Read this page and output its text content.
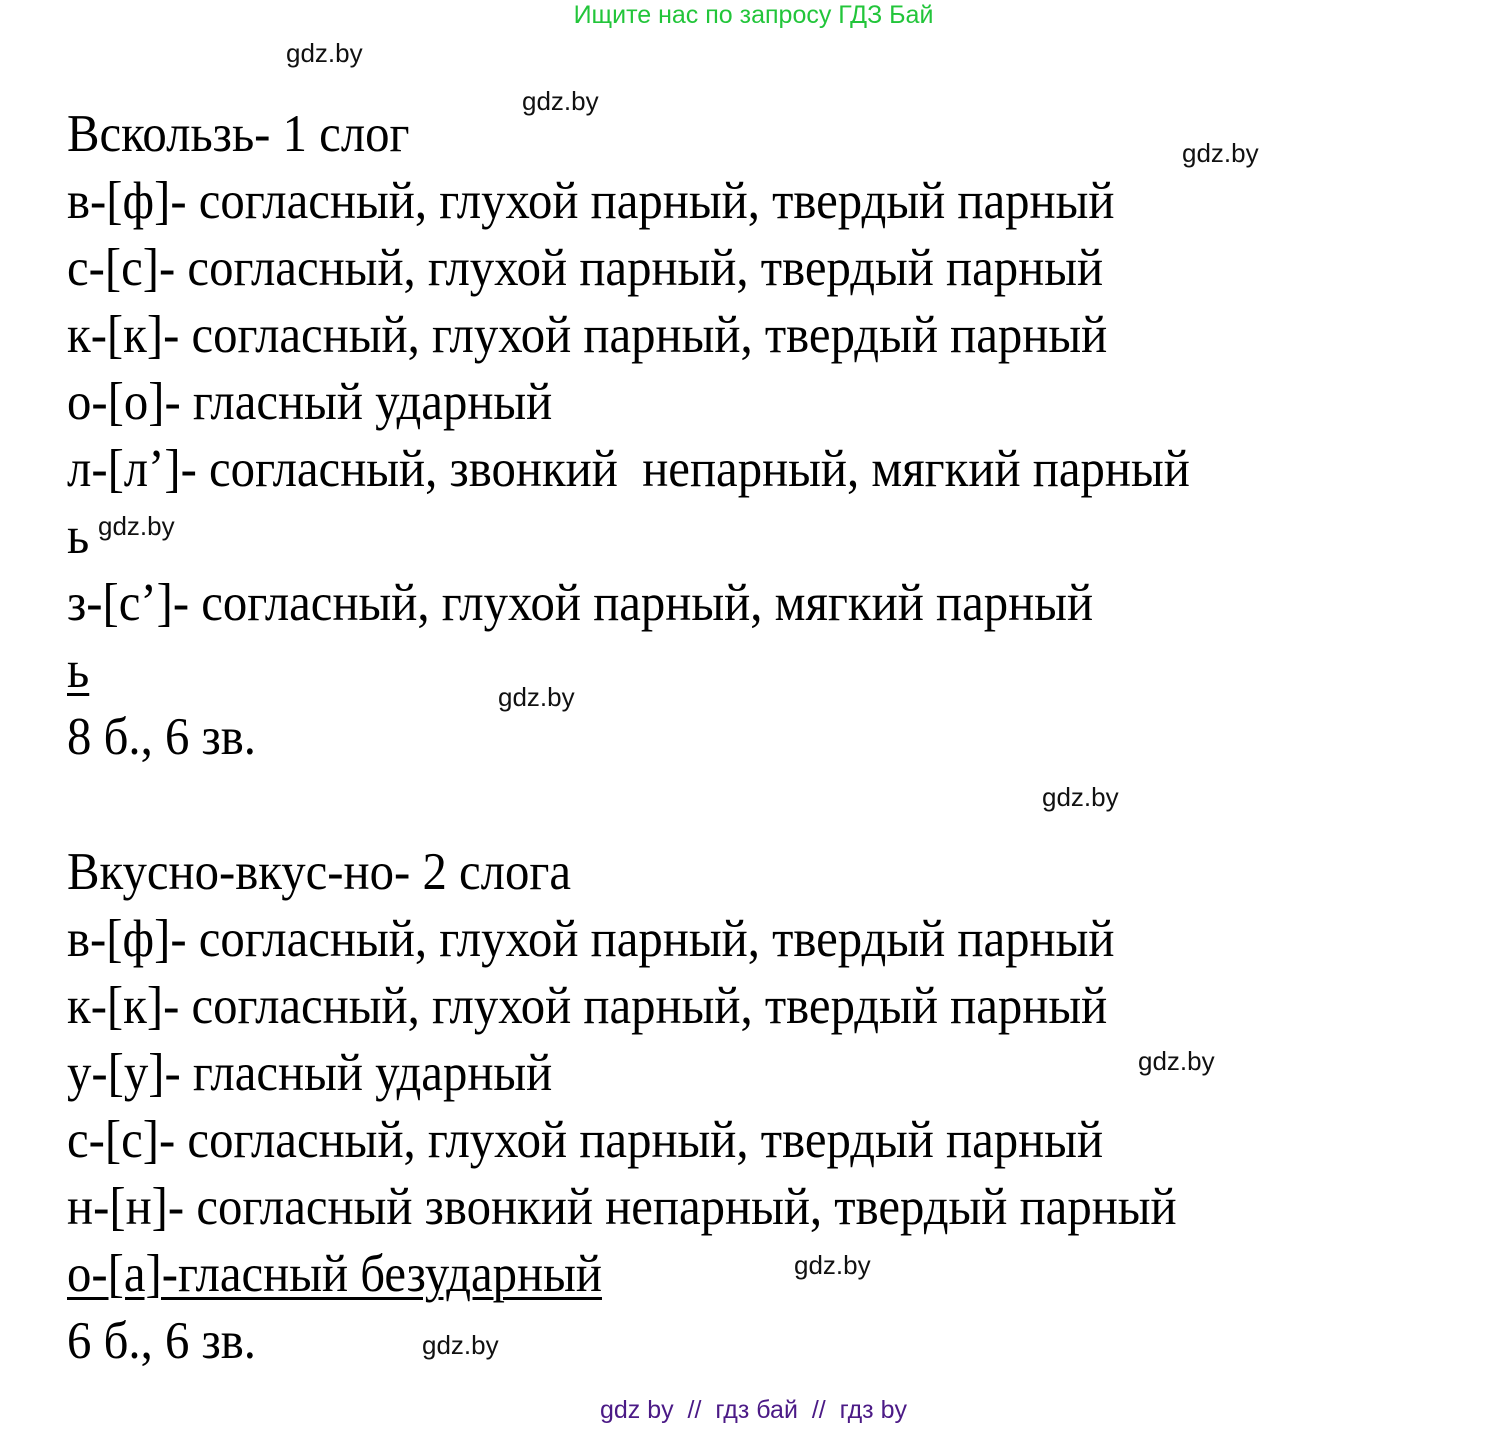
Ищите нас по запросу ГДЗ Бай
gdz.by
gdz.by
gdz.by
gdz.by
gdz.by
gdz.by
gdz.by
gdz.by
gdz.by
Вскользь- 1 слог
в-[ф]- согласный, глухой парный, твердый парный
с-[с]- согласный, глухой парный, твердый парный
к-[к]- согласный, глухой парный, твердый парный
о-[о]- гласный ударный
л-[л’]- согласный, звонкий  непарный, мягкий парный
ь
з-[с’]- согласный, глухой парный, мягкий парный
ь
8 б., 6 зв.
Вкусно-вкус-но- 2 слога
в-[ф]- согласный, глухой парный, твердый парный
к-[к]- согласный, глухой парный, твердый парный
у-[у]- гласный ударный
с-[с]- согласный, глухой парный, твердый парный
н-[н]- согласный звонкий непарный, твердый парный
о-[а]-гласный безударный
6 б., 6 зв.
gdz by  //  гдз бай  //  гдз by
